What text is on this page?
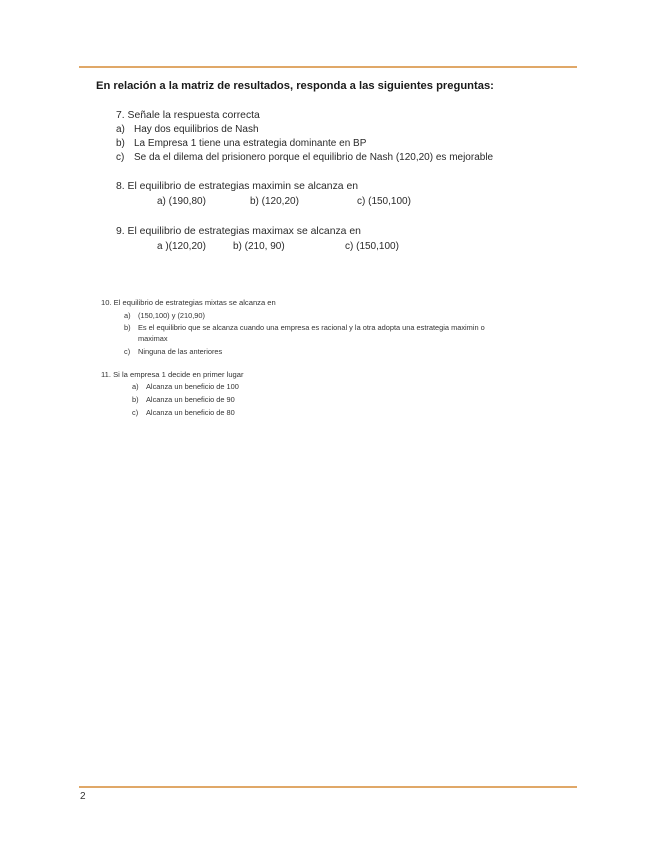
En relación a la matriz de resultados, responda a las siguientes preguntas:
7. Señale la respuesta correcta
a) Hay dos equilibrios de Nash
b) La Empresa 1 tiene una estrategia dominante en BP
c) Se da el dilema del prisionero porque el equilibrio de Nash (120,20) es mejorable
8. El equilibrio de estrategias maximin se alcanza en
a) (190,80)	b) (120,20)	c) (150,100)
9. El equilibrio de estrategias maximax se alcanza en
a )(120,20)	b) (210, 90)	c) (150,100)
10. El equilibrio de estrategias mixtas se alcanza en
a) (150,100) y (210,90)
b) Es el equilibrio que se alcanza cuando una empresa es racional y la otra adopta una estrategia maximin o
maximax
c) Ninguna de las anteriores
11. Si la empresa 1 decide en primer lugar
a) Alcanza un beneficio de 100
b) Alcanza un beneficio de 90
c) Alcanza un beneficio de 80
2
